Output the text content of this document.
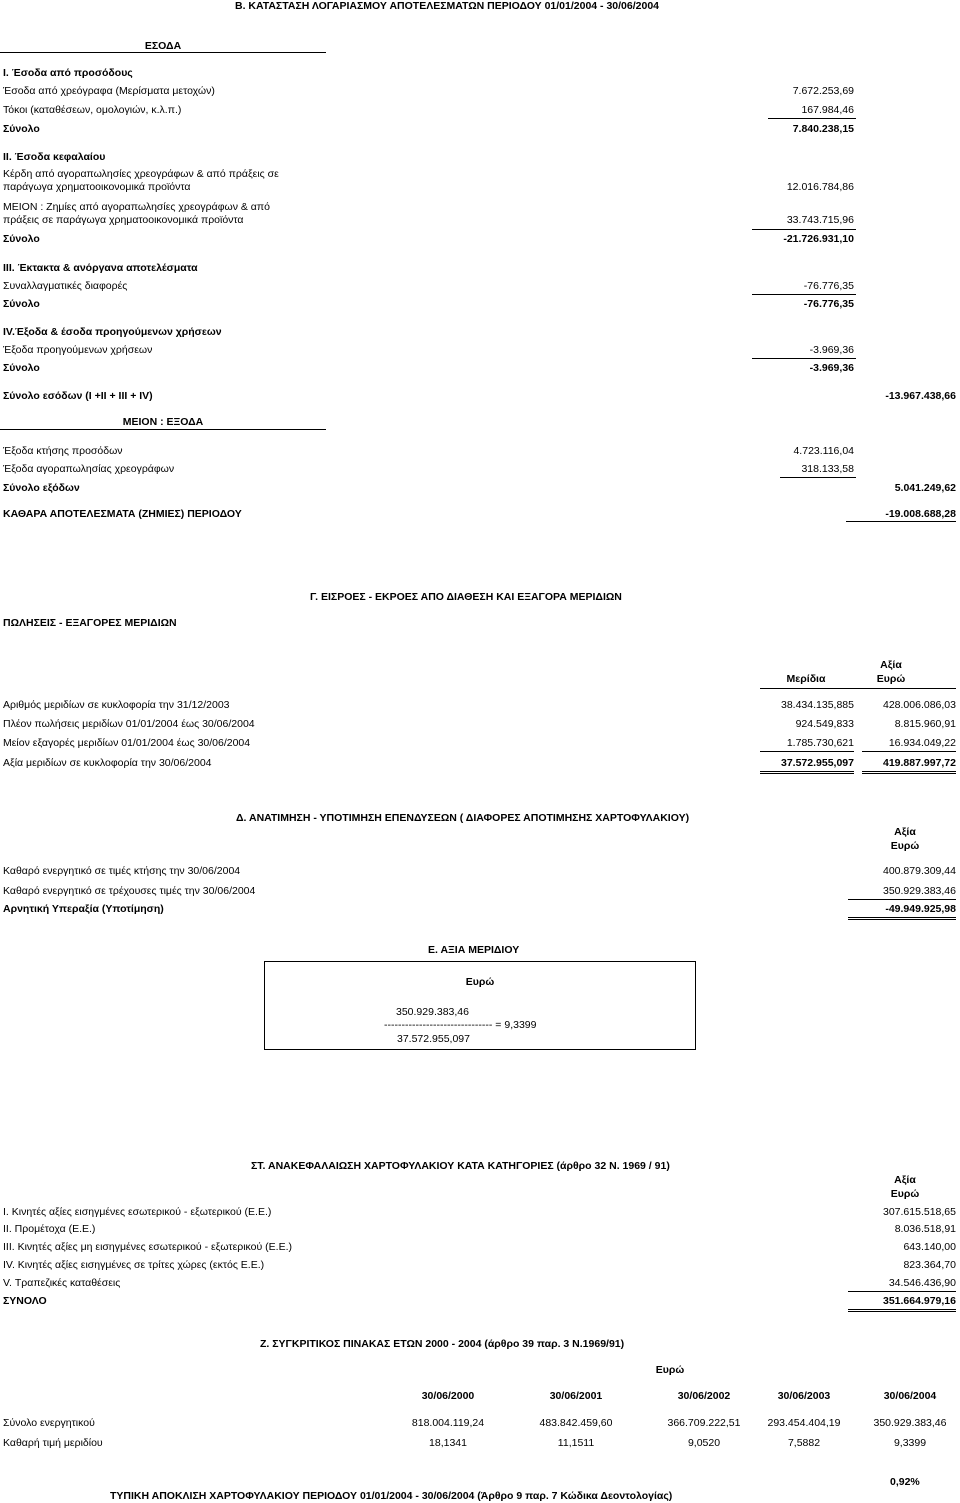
Β. ΚΑΤΑΣΤΑΣΗ ΛΟΓΑΡΙΑΣΜΟΥ ΑΠΟΤΕΛΕΣΜΑΤΩΝ ΠΕΡΙΟΔΟΥ 01/01/2004 - 30/06/2004
ΕΣΟΔΑ
Ι. Έσοδα από προσόδους
Έσοδα από χρεόγραφα (Μερίσματα μετοχών)	7.672.253,69
Τόκοι (καταθέσεων, ομολογιών, κ.λ.π.)	167.984,46
Σύνολο	7.840.238,15
ΙΙ. Έσοδα κεφαλαίου
Κέρδη από αγοραπωλησίες χρεογράφων & από πράξεις σε
παράγωγα χρηματοοικονομικά προϊόντα	12.016.784,86
ΜΕΙΟΝ : Ζημίες από αγοραπωλησίες χρεογράφων & από
πράξεις σε παράγωγα χρηματοοικονομικά προϊόντα	33.743.715,96
Σύνολο	-21.726.931,10
ΙΙΙ. Έκτακτα & ανόργανα αποτελέσματα
Συναλλαγματικές διαφορές	-76.776,35
Σύνολο	-76.776,35
ΙV.Έξοδα & έσοδα προηγούμενων χρήσεων
Έξοδα προηγούμενων χρήσεων	-3.969,36
Σύνολο	-3.969,36
Σύνολο εσόδων (Ι +ΙΙ + ΙΙΙ + ΙV)	-13.967.438,66
ΜΕΙΟΝ : ΕΞΟΔΑ
Έξοδα κτήσης προσόδων	4.723.116,04
Έξοδα αγοραπωλησίας χρεογράφων	318.133,58
Σύνολο εξόδων	5.041.249,62
ΚΑΘΑΡΑ ΑΠΟΤΕΛΕΣΜΑΤΑ (ΖΗΜΙΕΣ) ΠΕΡΙΟΔΟΥ	-19.008.688,28
Γ. ΕΙΣΡΟΕΣ - ΕΚΡΟΕΣ ΑΠΟ ΔΙΑΘΕΣΗ ΚΑΙ ΕΞΑΓΟΡΑ ΜΕΡΙΔΙΩΝ
ΠΩΛΗΣΕΙΣ - ΕΞΑΓΟΡΕΣ ΜΕΡΙΔΙΩΝ
Αξία
Μερίδια	Ευρώ
Αριθμός μεριδίων σε κυκλοφορία την 31/12/2003	38.434.135,885	428.006.086,03
Πλέον πωλήσεις μεριδίων 01/01/2004 έως 30/06/2004	924.549,833	8.815.960,91
Μείον εξαγορές μεριδίων 01/01/2004 έως 30/06/2004	1.785.730,621	16.934.049,22
Αξία μεριδίων σε κυκλοφορία την 30/06/2004	37.572.955,097	419.887.997,72
Δ. ΑΝΑΤΙΜΗΣΗ - ΥΠΟΤΙΜΗΣΗ ΕΠΕΝΔΥΣΕΩΝ ( ΔΙΑΦΟΡΕΣ ΑΠΟΤΙΜΗΣΗΣ ΧΑΡΤΟΦΥΛΑΚΙΟΥ)
Αξία
Ευρώ
Καθαρό ενεργητικό σε τιμές κτήσης την 30/06/2004	400.879.309,44
Καθαρό ενεργητικό σε τρέχουσες τιμές την 30/06/2004	350.929.383,46
Αρνητική Υπεραξία (Υποτίμηση)	-49.949.925,98
Ε. ΑΞΙΑ ΜΕΡΙΔΙΟΥ
Ευρώ
350.929.383,46
------------------------------- = 9,3399
37.572.955,097
ΣΤ. ΑΝΑΚΕΦΑΛΑΙΩΣΗ ΧΑΡΤΟΦΥΛΑΚΙΟΥ ΚΑΤΑ ΚΑΤΗΓΟΡΙΕΣ (άρθρο 32 Ν. 1969 / 91)
Αξία
Ευρώ
Ι. Κινητές αξίες εισηγμένες εσωτερικού - εξωτερικού (Ε.Ε.)	307.615.518,65
ΙΙ. Προμέτοχα (Ε.Ε.)	8.036.518,91
ΙΙΙ. Κινητές αξίες μη εισηγμένες εσωτερικού - εξωτερικού (Ε.Ε.)	643.140,00
ΙV. Κινητές αξίες εισηγμένες σε τρίτες χώρες (εκτός Ε.Ε.)	823.364,70
V. Τραπεζικές καταθέσεις	34.546.436,90
ΣΥΝΟΛΟ	351.664.979,16
Ζ. ΣΥΓΚΡΙΤΙΚΟΣ ΠΙΝΑΚΑΣ ΕΤΩΝ 2000 - 2004 (άρθρο 39 παρ. 3 Ν.1969/91)
Ευρώ
30/06/2000	30/06/2001	30/06/2002	30/06/2003	30/06/2004
Σύνολο ενεργητικού	818.004.119,24	483.842.459,60	366.709.222,51	293.454.404,19	350.929.383,46
Καθαρή τιμή μεριδίου	18,1341	11,1511	9,0520	7,5882	9,3399
ΤΥΠΙΚΗ ΑΠΟΚΛΙΣΗ ΧΑΡΤΟΦΥΛΑΚΙΟΥ ΠΕΡΙΟΔΟΥ 01/01/2004 - 30/06/2004 (Άρθρο 9 παρ. 7 Κώδικα Δεοντολογίας)
0,92%
